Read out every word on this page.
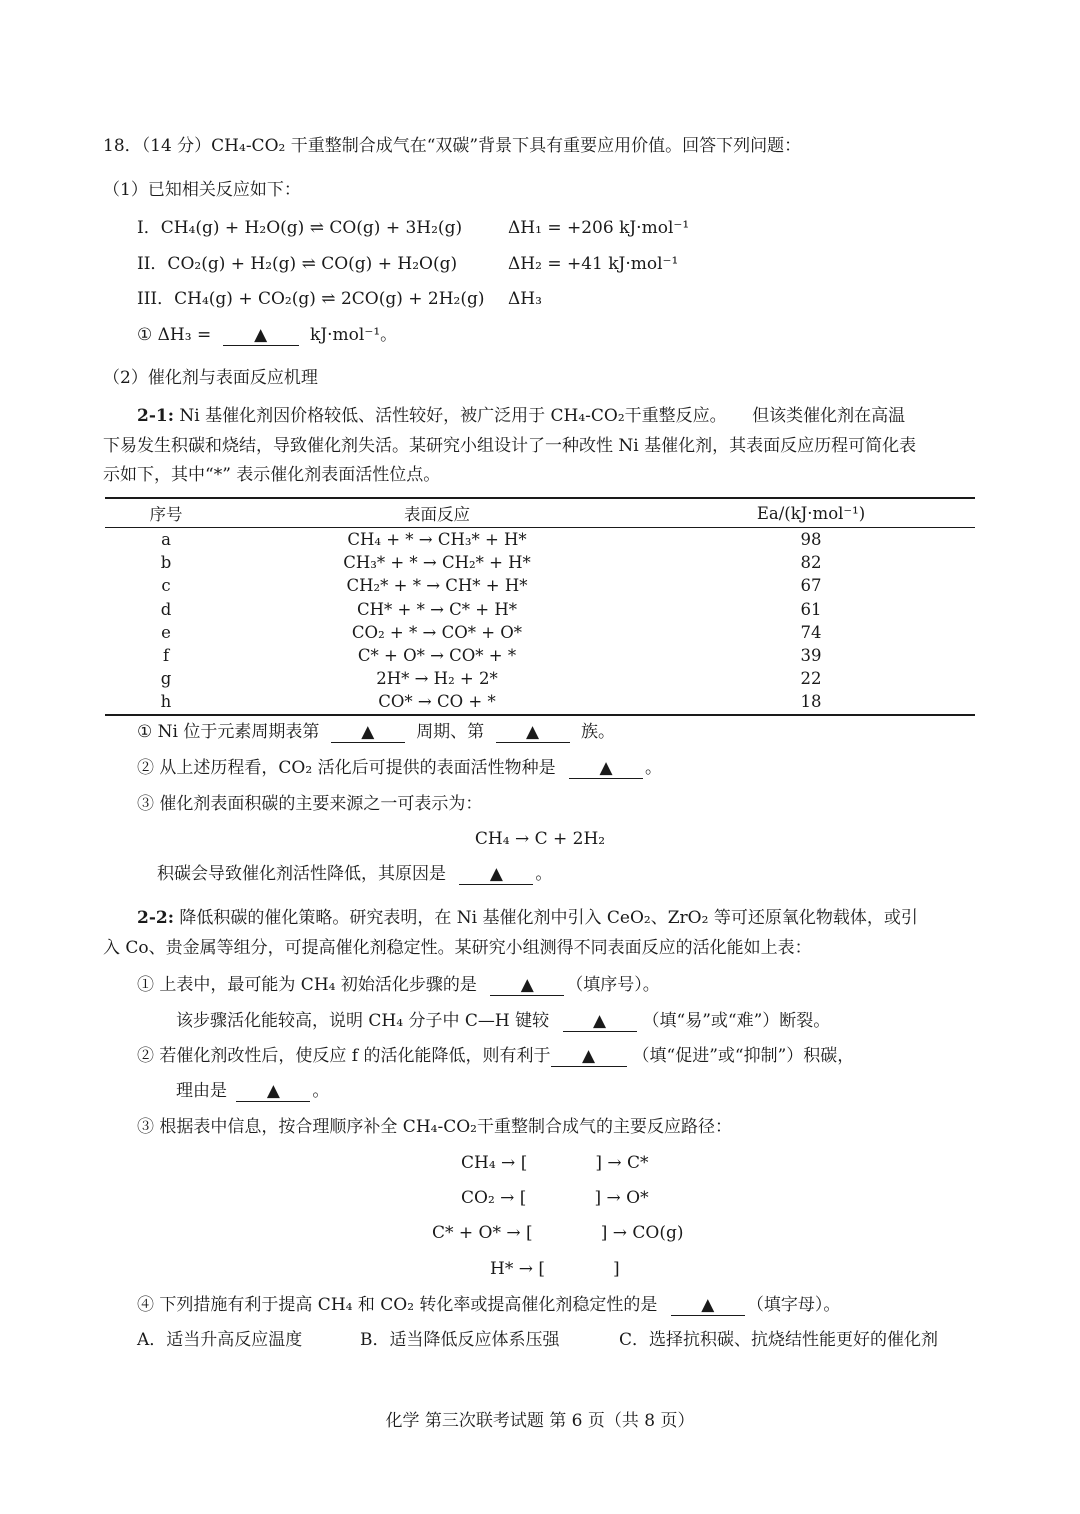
18．（14 分）CH₄-CO₂ 干重整制合成气在“双碳”背景下具有重要应用价值。回答下列问题：
（1）已知相关反应如下：
I．CH₄(g) + H₂O(g) ⇌ CO(g) + 3H₂(g)	ΔH₁ = +206 kJ·mol⁻¹
II．CO₂(g) + H₂(g) ⇌ CO(g) + H₂O(g)	ΔH₂ = +41 kJ·mol⁻¹
III．CH₄(g) + CO₂(g) ⇌ 2CO(g) + 2H₂(g) ΔH₃
① ΔH₃ =	▲	kJ·mol⁻¹。
（2）催化剂与表面反应机理
2-1: Ni 基催化剂因价格较低、活性较好，被广泛用于 CH₄-CO₂干重整反应。　　但该类催化剂在高温
下易发生积碳和烧结，导致催化剂失活。某研究小组设计了一种改性 Ni 基催化剂，其表面反应历程可简化表
示如下，其中“*” 表示催化剂表面活性位点。
序号	表面反应	Ea/(kJ·mol⁻¹)
a	CH₄ + * → CH₃* + H*	98
b	CH₃* + * → CH₂* + H*	82
c	CH₂* + * → CH* + H*	67
d	CH* + * → C* + H*	61
e	CO₂ + * → CO* + O*	74
f	C* + O* → CO* + *	39
g	2H* → H₂ + 2*	22
h	CO* → CO + *	18
① Ni 位于元素周期表第 ▲ 周期、第 ▲ 族。
② 从上述历程看，CO₂ 活化后可提供的表面活性物种是	▲ 。
③ 催化剂表面积碳的主要来源之一可表示为：
CH₄ → C + 2H₂
积碳会导致催化剂活性降低，其原因是	▲ 。
2-2: 降低积碳的催化策略。研究表明，在 Ni 基催化剂中引入 CeO₂、ZrO₂ 等可还原氧化物载体，或引
入 Co、贵金属等组分，可提高催化剂稳定性。某研究小组测得不同表面反应的活化能如上表：
① 上表中，最可能为 CH₄ 初始活化步骤的是	▲ （填序号）。
该步骤活化能较高，说明 CH₄ 分子中 C—H 键较	▲ （填“易”或“难”）断裂。
② 若催化剂改性后，使反应 f 的活化能降低，则有利于 ▲ （填“促进”或“抑制”）积碳，
理由是 ▲ 。
③ 根据表中信息，按合理顺序补全 CH₄-CO₂干重整制合成气的主要反应路径：
CH₄ → [	] → C*
CO₂ → [	] → O*
C* + O* → [	] → CO(g)
H* → [	]
④ 下列措施有利于提高 CH₄ 和 CO₂ 转化率或提高催化剂稳定性的是	▲ （填字母）。
A．适当升高反应温度	B．适当降低反应体系压强	C．选择抗积碳、抗烧结性能更好的催化剂
化学 第三次联考试题 第 6 页（共 8 页）
